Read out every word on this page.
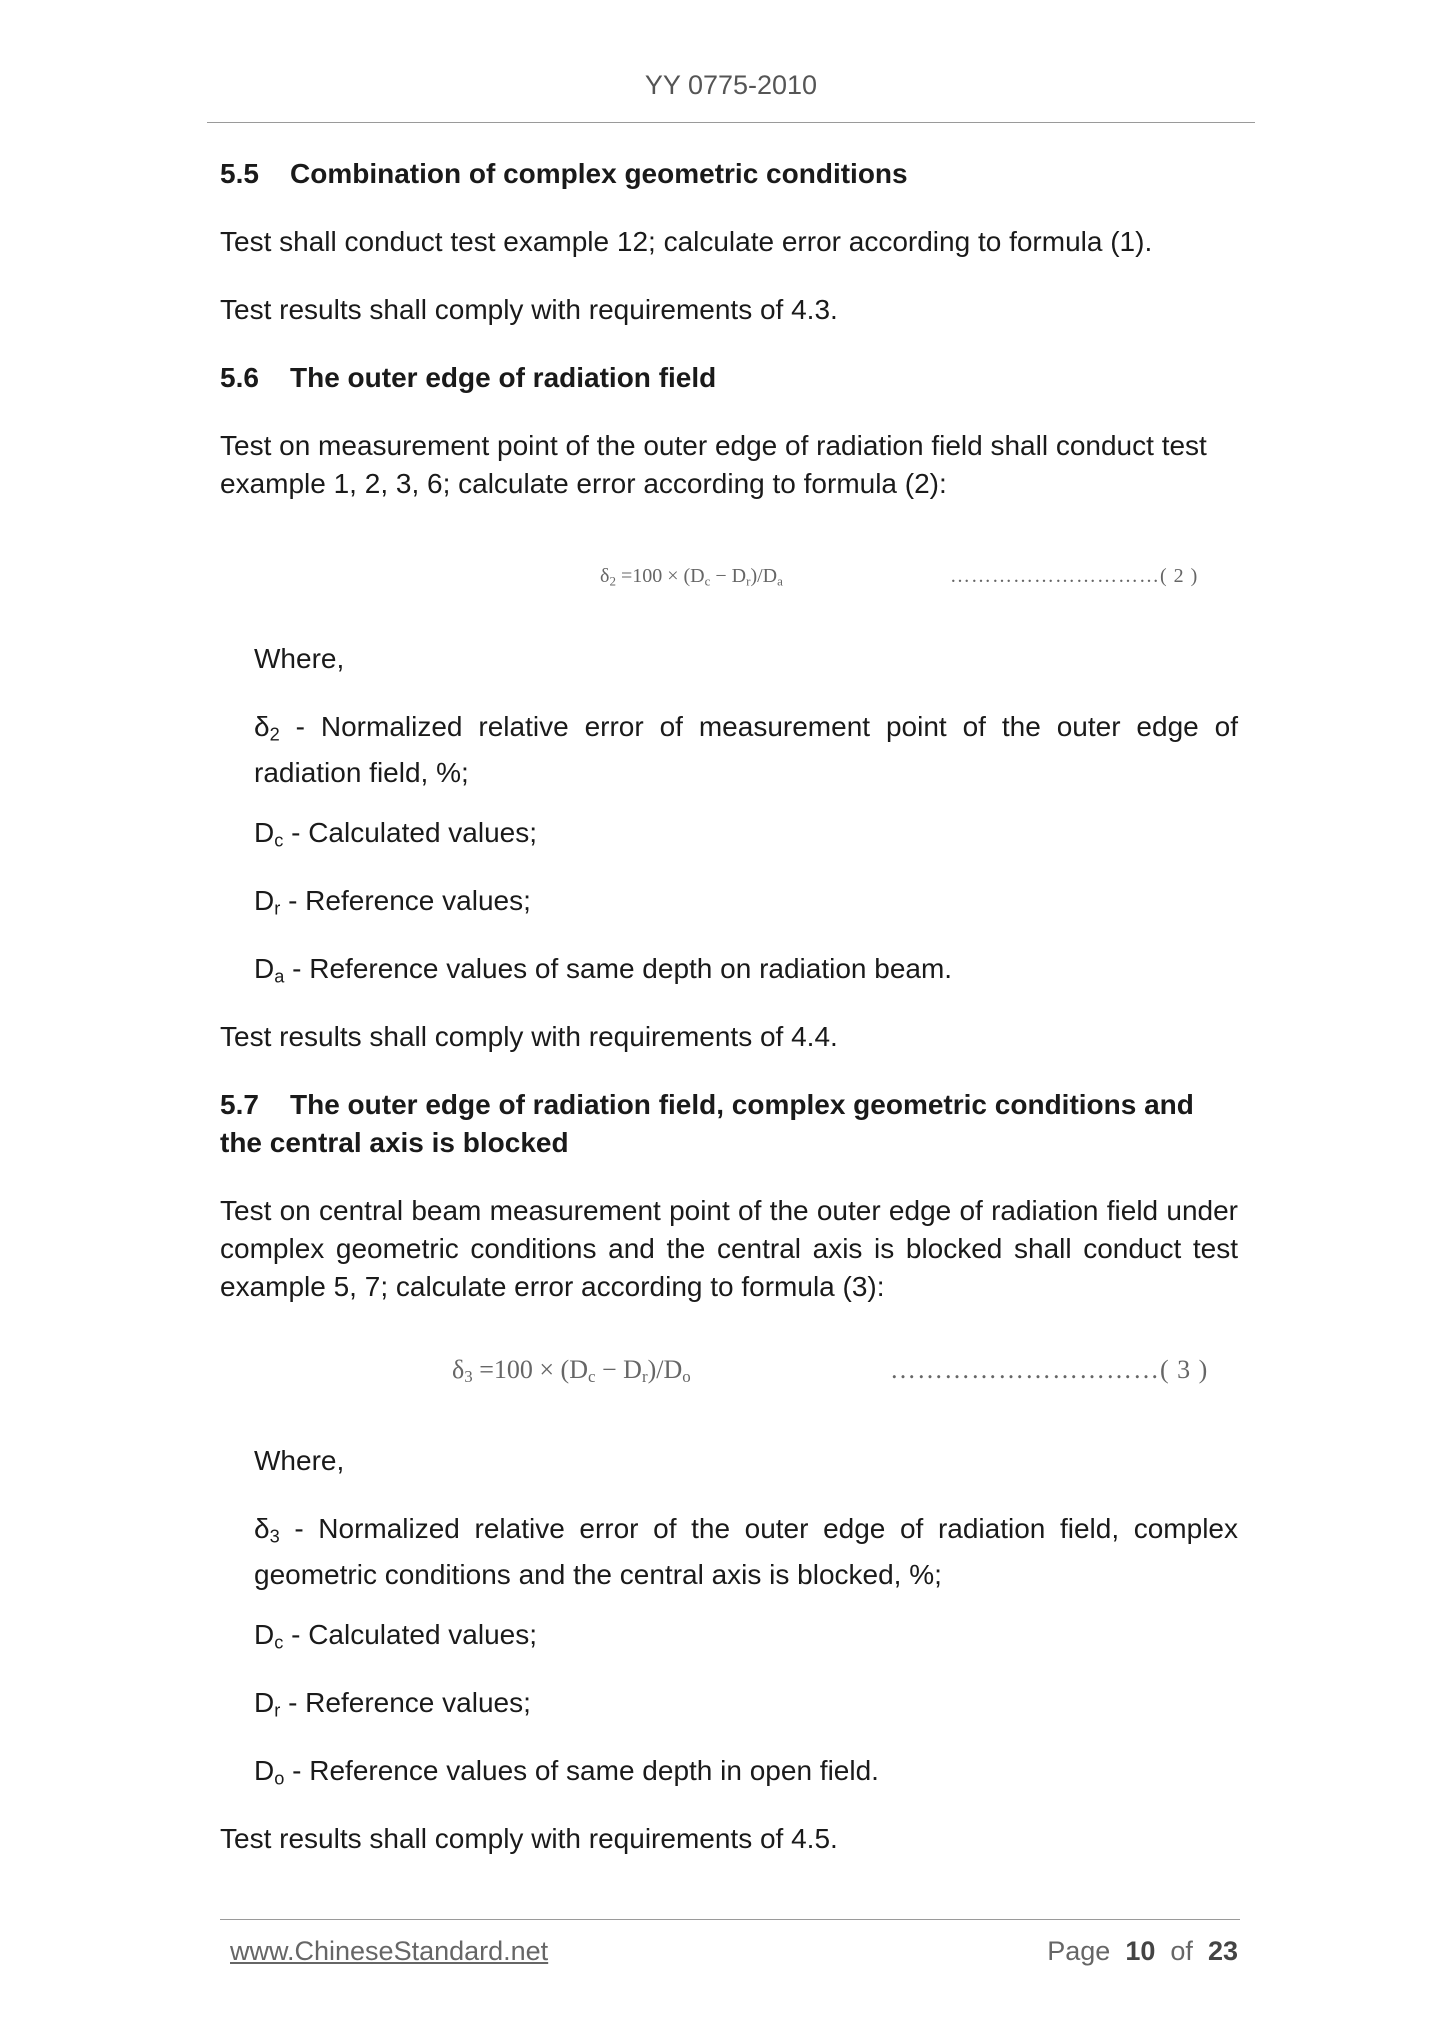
YY 0775-2010
5.5 Combination of complex geometric conditions
Test shall conduct test example 12; calculate error according to formula (1).
Test results shall comply with requirements of 4.3.
5.6 The outer edge of radiation field
Test on measurement point of the outer edge of radiation field shall conduct test example 1, 2, 3, 6; calculate error according to formula (2):
$\delta_2 =100 \times (D_c - D_r)/D_a$	…………………………( 2 )
Where,
$\delta_2$ - Normalized relative error of measurement point of the outer edge of radiation field, %;
$D_c$ - Calculated values;
$D_r$ - Reference values;
$D_a$ - Reference values of same depth on radiation beam.
Test results shall comply with requirements of 4.4.
5.7 The outer edge of radiation field, complex geometric conditions and the central axis is blocked
Test on central beam measurement point of the outer edge of radiation field under complex geometric conditions and the central axis is blocked shall conduct test example 5, 7; calculate error according to formula (3):
$\delta_3 =100 \times (D_c - D_r)/D_o$	…………………………( 3 )
Where,
$\delta_3$ - Normalized relative error of the outer edge of radiation field, complex geometric conditions and the central axis is blocked, %;
$D_c$ - Calculated values;
$D_r$ - Reference values;
$D_o$ - Reference values of same depth in open field.
Test results shall comply with requirements of 4.5.
www.ChineseStandard.net	Page 10 of 23
